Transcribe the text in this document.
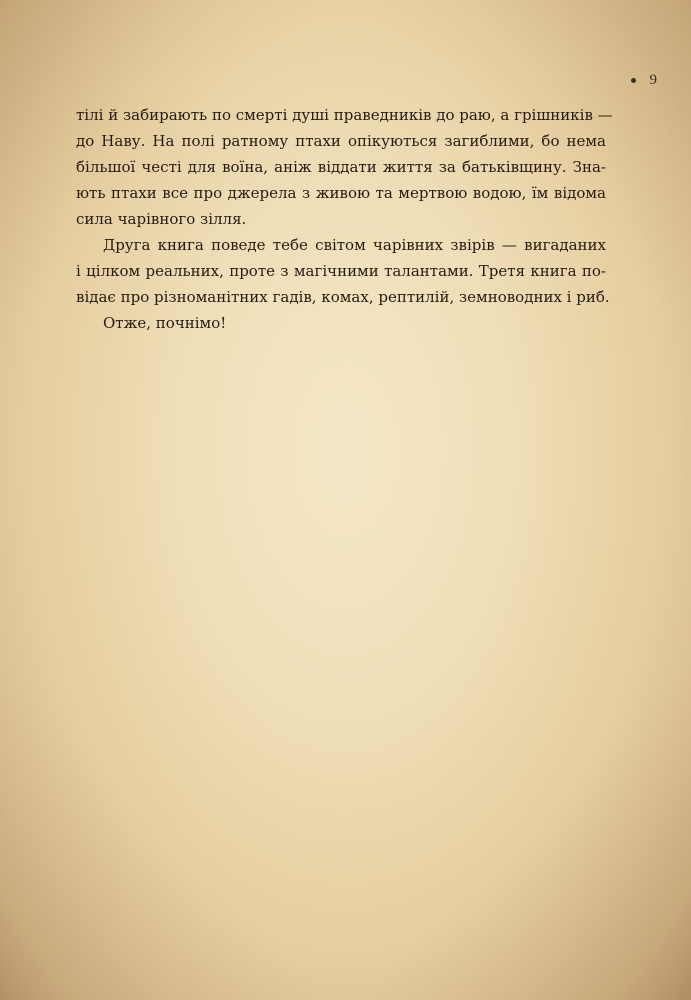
9

тілі й забирають по смерті душі праведників до раю, а грішників —
до Наву. На полі ратному птахи опікуються загиблими, бо нема
більшої честі для воїна, аніж віддати життя за батьківщину. Зна-
ють птахи все про джерела з живою та мертвою водою, їм відома
сила чарівного зілля.

Друга книга поведе тебе світом чарівних звірів — вигаданих
і цілком реальних, проте з магічними талантами. Третя книга по-
відає про різноманітних гадів, комах, рептилій, земноводних і риб.

Отже, почнімо!
